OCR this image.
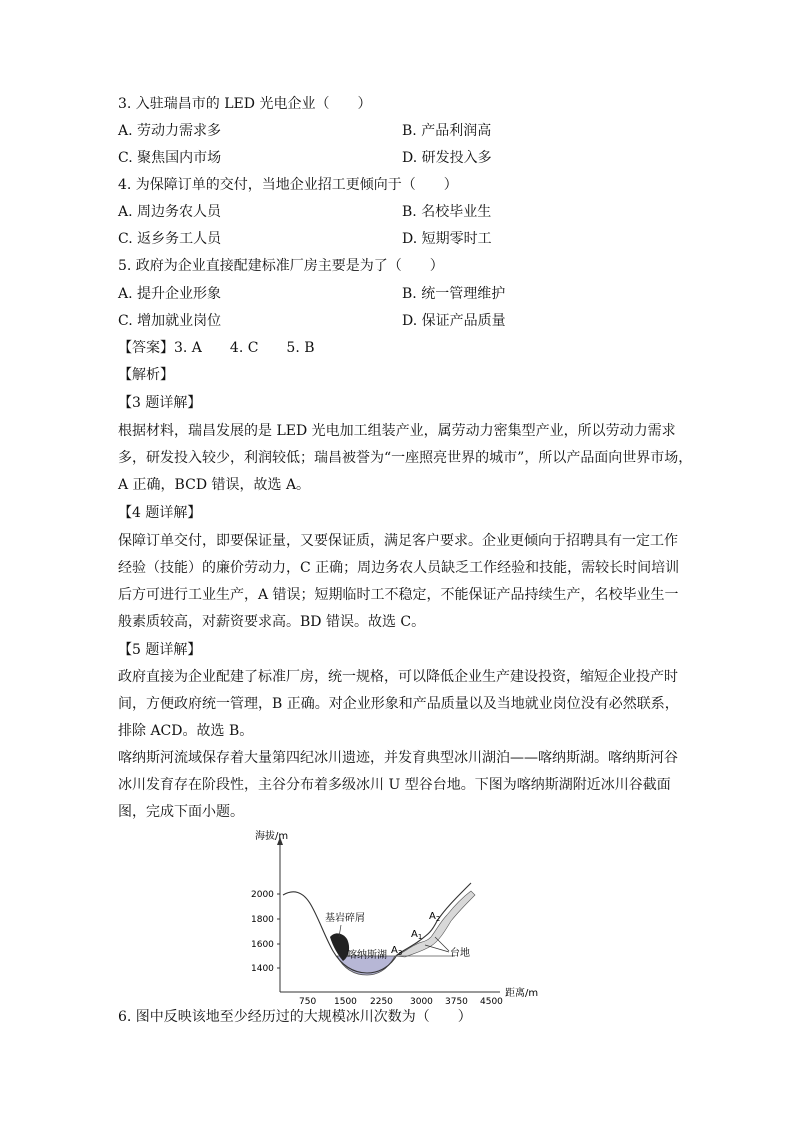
3. 入驻瑞昌市的 LED 光电企业（　　）
A. 劳动力需求多	B. 产品利润高
C. 聚焦国内市场	D. 研发投入多
4. 为保障订单的交付，当地企业招工更倾向于（　　）
A. 周边务农人员	B. 名校毕业生
C. 返乡务工人员	D. 短期零时工
5. 政府为企业直接配建标准厂房主要是为了（　　）
A. 提升企业形象	B. 统一管理维护
C. 增加就业岗位	D. 保证产品质量
【答案】3. A　　4. C　　5. B
【解析】
【3 题详解】
根据材料，瑞昌发展的是 LED 光电加工组装产业，属劳动力密集型产业，所以劳动力需求
多，研发投入较少，利润较低；瑞昌被誉为“一座照亮世界的城市”，所以产品面向世界市场，
A 正确，BCD 错误，故选 A。
【4 题详解】
保障订单交付，即要保证量，又要保证质，满足客户要求。企业更倾向于招聘具有一定工作
经验（技能）的廉价劳动力，C 正确；周边务农人员缺乏工作经验和技能，需较长时间培训
后方可进行工业生产，A 错误；短期临时工不稳定，不能保证产品持续生产，名校毕业生一
般素质较高，对薪资要求高。BD 错误。故选 C。
【5 题详解】
政府直接为企业配建了标准厂房，统一规格，可以降低企业生产建设投资，缩短企业投产时
间，方便政府统一管理，B 正确。对企业形象和产品质量以及当地就业岗位没有必然联系，
排除 ACD。故选 B。
喀纳斯河流域保存着大量第四纪冰川遗迹，并发育典型冰川湖泊——喀纳斯湖。喀纳斯河谷
冰川发育存在阶段性，主谷分布着多级冰川 U 型谷台地。下图为喀纳斯湖附近冰川谷截面
图，完成下面小题。
海拔/m
距离/m
2000
1800
1600
1400
750 1500 2250 3000 3750 4500
基岩碎屑
喀纳斯湖	台地
$A_2$
$A_1$
$A_3$
6. 图中反映该地至少经历过的大规模冰川次数为（　　）
